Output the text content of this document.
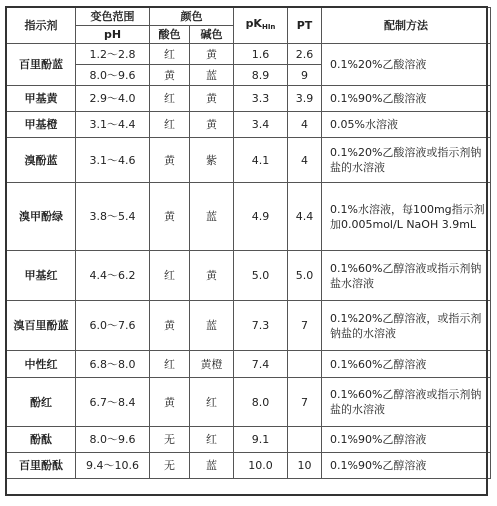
指示剂	变色范围	颜色		pKHIn	PT	配制方法
	pH	酸色	碱色			
百里酚蓝	1.2～2.8	红	黄	1.6	2.6	0.1%20%乙酸溶液
	8.0～9.6	黄	蓝	8.9	9	
甲基黄	2.9～4.0	红	黄	3.3	3.9	0.1%90%乙酸溶液
甲基橙	3.1～4.4	红	黄	3.4	4	0.05%水溶液
溴酚蓝	3.1～4.6	黄	紫	4.1	4	0.1%20%乙酸溶液或指示剂钠盐的水溶液
溴甲酚绿	3.8～5.4	黄	蓝	4.9	4.4	0.1%水溶液，每100mg指示剂加0.005mol/L NaOH 3.9mL
甲基红	4.4～6.2	红	黄	5.0	5.0	0.1%60%乙醇溶液或指示剂钠盐水溶液
溴百里酚蓝	6.0～7.6	黄	蓝	7.3	7	0.1%20%乙醇溶液，或指示剂钠盐的水溶液
中性红	6.8～8.0	红	黄橙	7.4		0.1%60%乙醇溶液
酚红	6.7～8.4	黄	红	8.0	7	0.1%60%乙醇溶液或指示剂钠盐的水溶液
酚酞	8.0～9.6	无	红	9.1		0.1%90%乙醇溶液
百里酚酞	9.4～10.6	无	蓝	10.0	10	0.1%90%乙醇溶液
